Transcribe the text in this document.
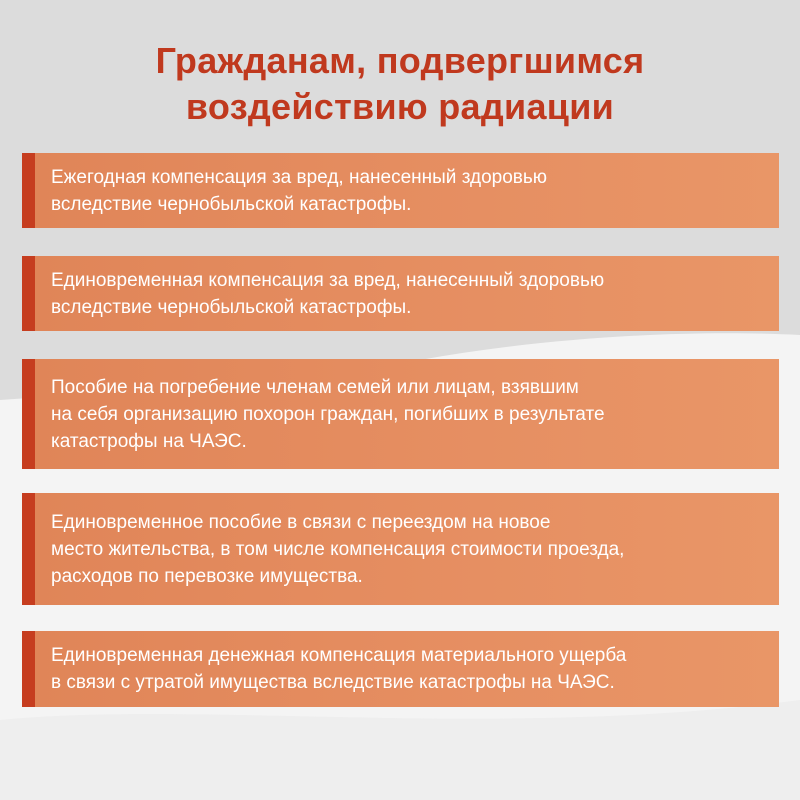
Гражданам, подвергшимся
воздействию радиации
Ежегодная компенсация за вред, нанесенный здоровью
вследствие чернобыльской катастрофы.
Единовременная компенсация за вред, нанесенный здоровью
вследствие чернобыльской катастрофы.
Пособие на погребение членам семей или лицам, взявшим
на себя организацию похорон граждан, погибших в результате
катастрофы на ЧАЭС.
Единовременное пособие в связи с переездом на новое
место жительства, в том числе компенсация стоимости проезда,
расходов по перевозке имущества.
Единовременная денежная компенсация материального ущерба
в связи с утратой имущества вследствие катастрофы на ЧАЭС.
